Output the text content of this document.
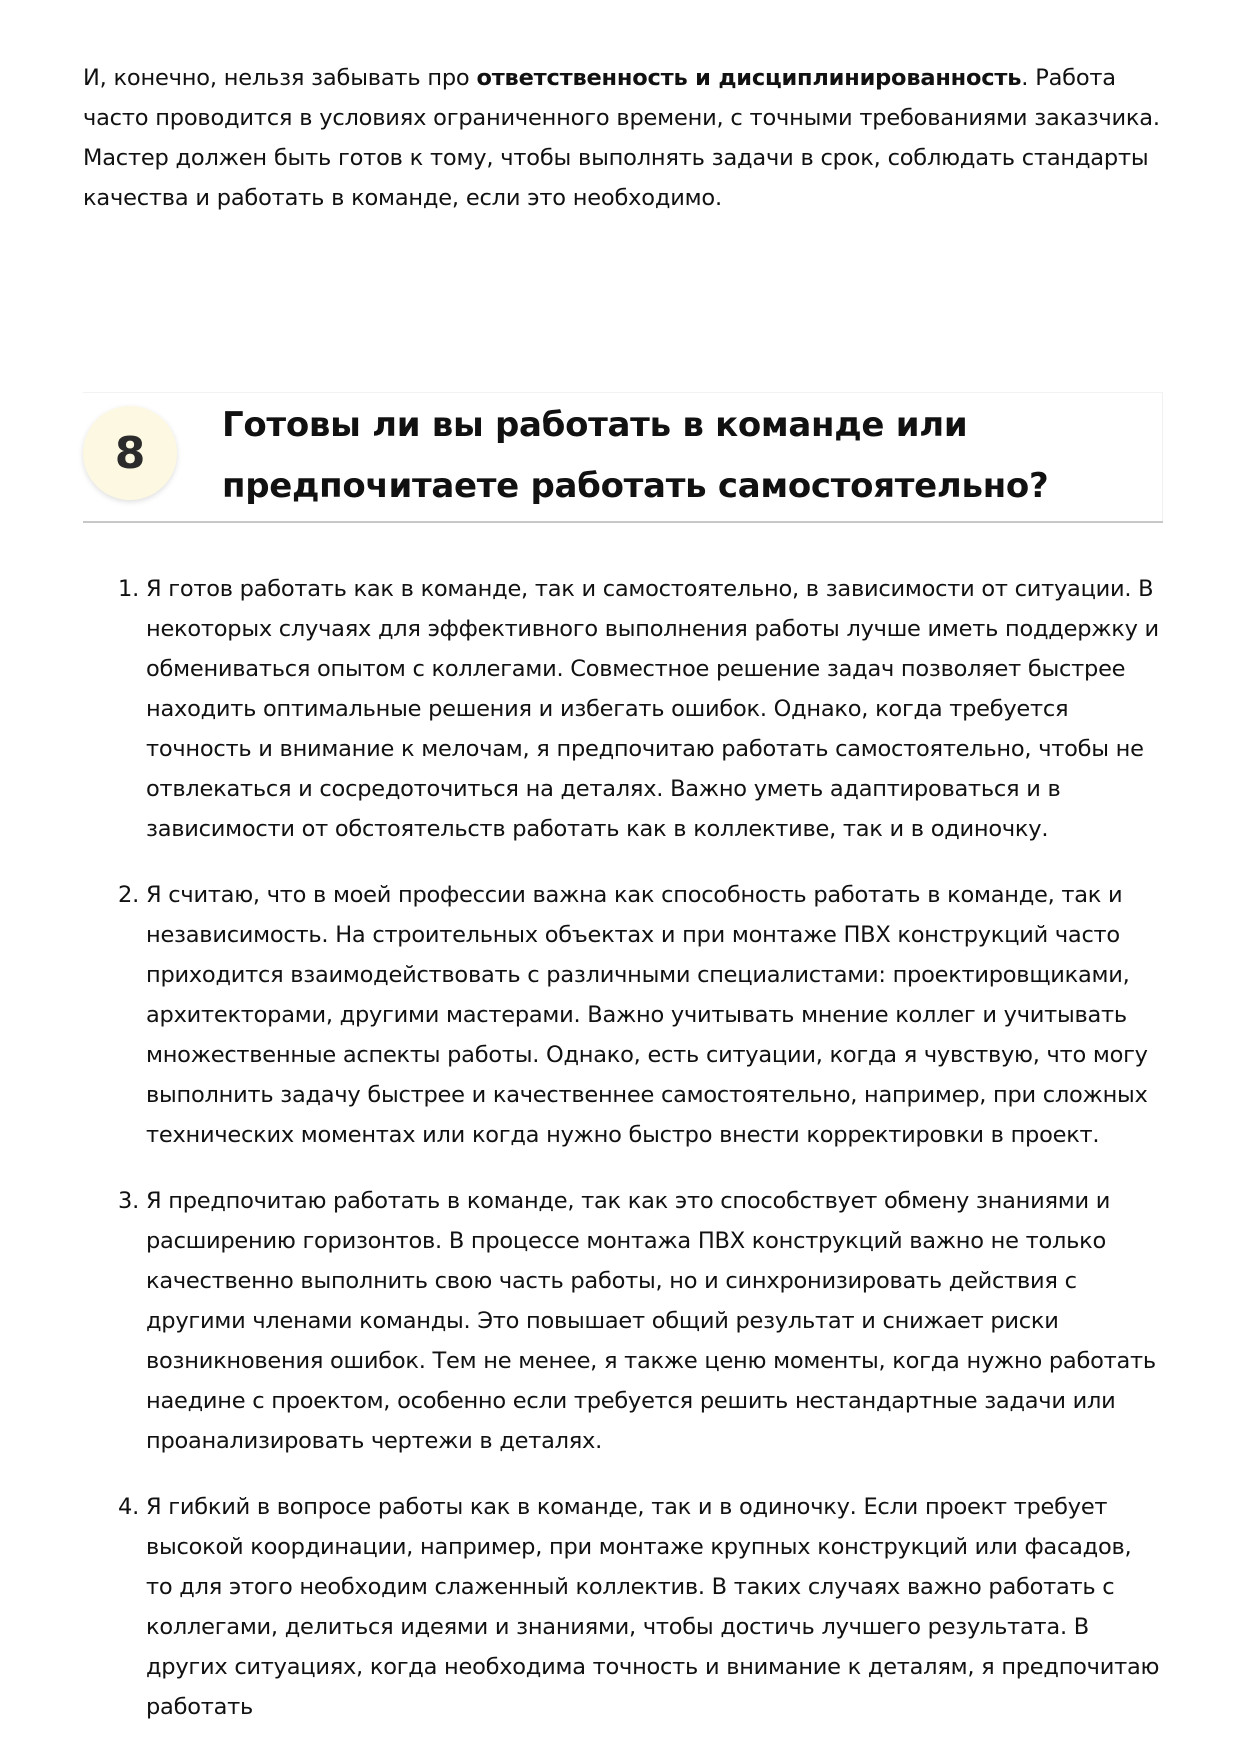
И, конечно, нельзя забывать про ответственность и дисциплинированность. Работа часто проводится в условиях ограниченного времени, с точными требованиями заказчика. Мастер должен быть готов к тому, чтобы выполнять задачи в срок, соблюдать стандарты качества и работать в команде, если это необходимо.

8
Готовы ли вы работать в команде или предпочитаете работать самостоятельно?
1. Я готов работать как в команде, так и самостоятельно, в зависимости от ситуации. В некоторых случаях для эффективного выполнения работы лучше иметь поддержку и обмениваться опытом с коллегами. Совместное решение задач позволяет быстрее находить оптимальные решения и избегать ошибок. Однако, когда требуется точность и внимание к мелочам, я предпочитаю работать самостоятельно, чтобы не отвлекаться и сосредоточиться на деталях. Важно уметь адаптироваться и в зависимости от обстоятельств работать как в коллективе, так и в одиночку.
2. Я считаю, что в моей профессии важна как способность работать в команде, так и независимость. На строительных объектах и при монтаже ПВХ конструкций часто приходится взаимодействовать с различными специалистами: проектировщиками, архитекторами, другими мастерами. Важно учитывать мнение коллег и учитывать множественные аспекты работы. Однако, есть ситуации, когда я чувствую, что могу выполнить задачу быстрее и качественнее самостоятельно, например, при сложных технических моментах или когда нужно быстро внести корректировки в проект.
3. Я предпочитаю работать в команде, так как это способствует обмену знаниями и расширению горизонтов. В процессе монтажа ПВХ конструкций важно не только качественно выполнить свою часть работы, но и синхронизировать действия с другими членами команды. Это повышает общий результат и снижает риски возникновения ошибок. Тем не менее, я также ценю моменты, когда нужно работать наедине с проектом, особенно если требуется решить нестандартные задачи или проанализировать чертежи в деталях.
4. Я гибкий в вопросе работы как в команде, так и в одиночку. Если проект требует высокой координации, например, при монтаже крупных конструкций или фасадов, то для этого необходим слаженный коллектив. В таких случаях важно работать с коллегами, делиться идеями и знаниями, чтобы достичь лучшего результата. В других ситуациях, когда необходима точность и внимание к деталям, я предпочитаю работать
